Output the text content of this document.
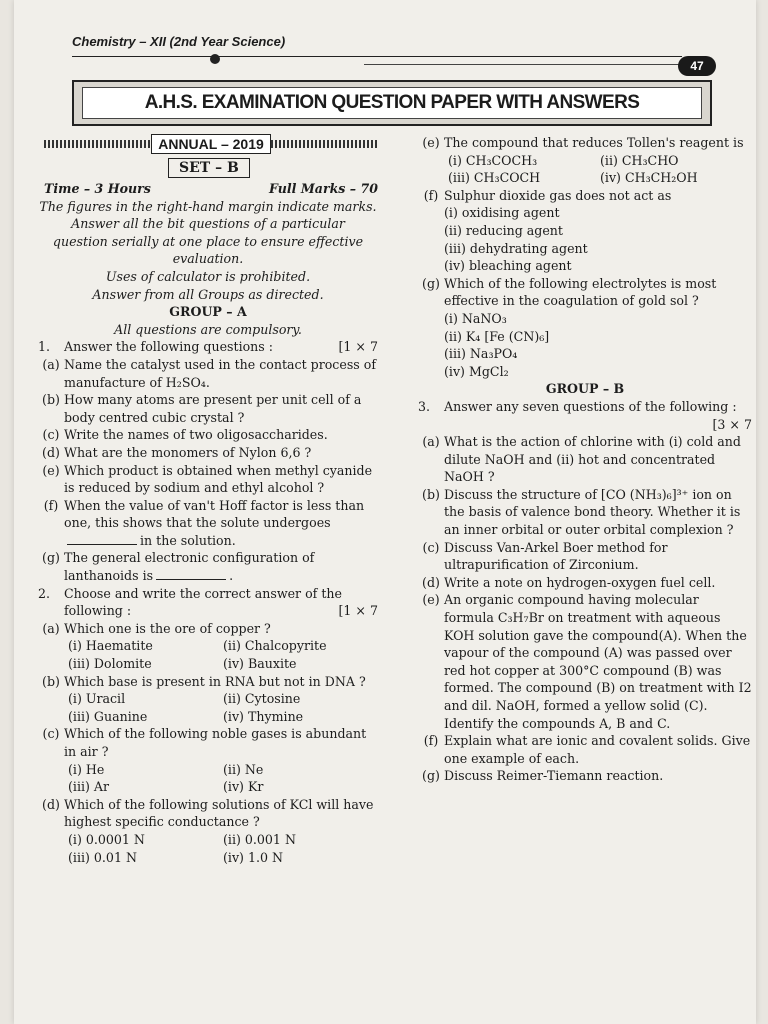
Chemistry – XII (2nd Year Science)
47
A.H.S. EXAMINATION QUESTION PAPER WITH ANSWERS
ANNUAL – 2019
SET – B
Time – 3 Hours	Full Marks – 70
The figures in the right-hand margin indicate marks.
Answer all the bit questions of a particular question serially at one place to ensure effective evaluation.
Uses of calculator is prohibited.
Answer from all Groups as directed.
GROUP – A
All questions are compulsory.
1.	Answer the following questions :	[1 × 7
(a) Name the catalyst used in the contact process of manufacture of H₂SO₄.
(b) How many atoms are present per unit cell of a body centred cubic crystal ?
(c) Write the names of two oligosaccharides.
(d) What are the monomers of Nylon 6,6 ?
(e) Which product is obtained when methyl cyanide is reduced by sodium and ethyl alcohol ?
(f) When the value of van't Hoff factor is less than one, this shows that the solute undergoesin the solution.
(g) The general electronic configuration of lanthanoids is	.
2.	Choose and write the correct answer of the following :	[1 × 7
(a) Which one is the ore of copper ?
(i) Haematite	(ii) Chalcopyrite
(iii) Dolomite	(iv) Bauxite
(b) Which base is present in RNA but not in DNA ?
(i) Uracil	(ii) Cytosine
(iii) Guanine	(iv) Thymine
(c) Which of the following noble gases is abundant in air ?
(i) He	(ii) Ne
(iii) Ar	(iv) Kr
(d) Which of the following solutions of KCl will have highest specific conductance ?
(i) 0.0001 N	(ii) 0.001 N
(iii) 0.01 N	(iv) 1.0 N
(e) The compound that reduces Tollen's reagent is
(i) CH₃COCH₃	(ii) CH₃CHO
(iii) CH₃COCH	(iv) CH₃CH₂OH
(f) Sulphur dioxide gas does not act as
(i) oxidising agent
(ii) reducing agent
(iii) dehydrating agent
(iv) bleaching agent
(g) Which of the following electrolytes is most effective in the coagulation of gold sol ?
(i) NaNO₃
(ii) K₄ [Fe (CN)₆]
(iii) Na₃PO₄
(iv) MgCl₂
GROUP – B
3.	Answer any seven questions of the following :
[3 × 7
(a) What is the action of chlorine with (i) cold and dilute NaOH and (ii) hot and concentrated NaOH ?
(b) Discuss the structure of [CO (NH₃)₆]³⁺ ion on the basis of valence bond theory. Whether it is an inner orbital or outer orbital complexion ?
(c) Discuss Van-Arkel Boer method for ultrapurification of Zirconium.
(d) Write a note on hydrogen-oxygen fuel cell.
(e) An organic compound having molecular formula C₃H₇Br on treatment with aqueous KOH solution gave the compound(A). When the vapour of the compound (A) was passed over red hot copper at 300°C compound (B) was formed. The compound (B) on treatment with I2 and dil. NaOH, formed a yellow solid (C). Identify the compounds A, B and C.
(f) Explain what are ionic and covalent solids. Give one example of each.
(g) Discuss Reimer-Tiemann reaction.
